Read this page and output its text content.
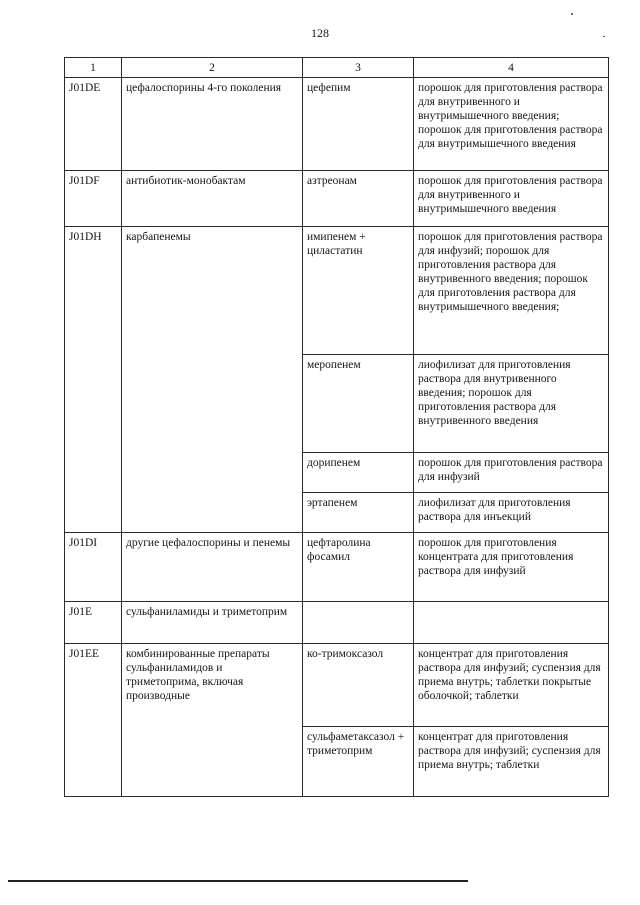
128
1	2	3	4
J01DE	цефалоспорины 4-го поколения	цефепим	порошок для приготовления раствора для внутривенного и внутримышечного введения; порошок для приготовления раствора для внутримышечного введения
J01DF	антибиотик-монобактам	азтреонам	порошок для приготовления раствора для внутривенного и внутримышечного введения
J01DH	карбапенемы	имипенем + циластатин	порошок для приготовления раствора для инфузий; порошок для приготовления раствора для внутривенного введения; порошок для приготовления раствора для внутримышечного введения;
		меропенем	лиофилизат для приготовления раствора для внутривенного введения; порошок для приготовления раствора для внутривенного введения
		дорипенем	порошок для приготовления раствора для инфузий
		эртапенем	лиофилизат для приготовления раствора для инъекций
J01DI	другие цефалоспорины и пенемы	цефтаролина фосамил	порошок для приготовления концентрата для приготовления раствора для инфузий
J01E	сульфаниламиды и триметоприм		
J01EE	комбинированные препараты сульфаниламидов и триметоприма, включая производные	ко-тримоксазол	концентрат для приготовления раствора для инфузий; суспензия для приема внутрь; таблетки покрытые оболочкой; таблетки
		сульфаметаксазол + триметоприм	концентрат для приготовления раствора для инфузий; суспензия для приема внутрь; таблетки
